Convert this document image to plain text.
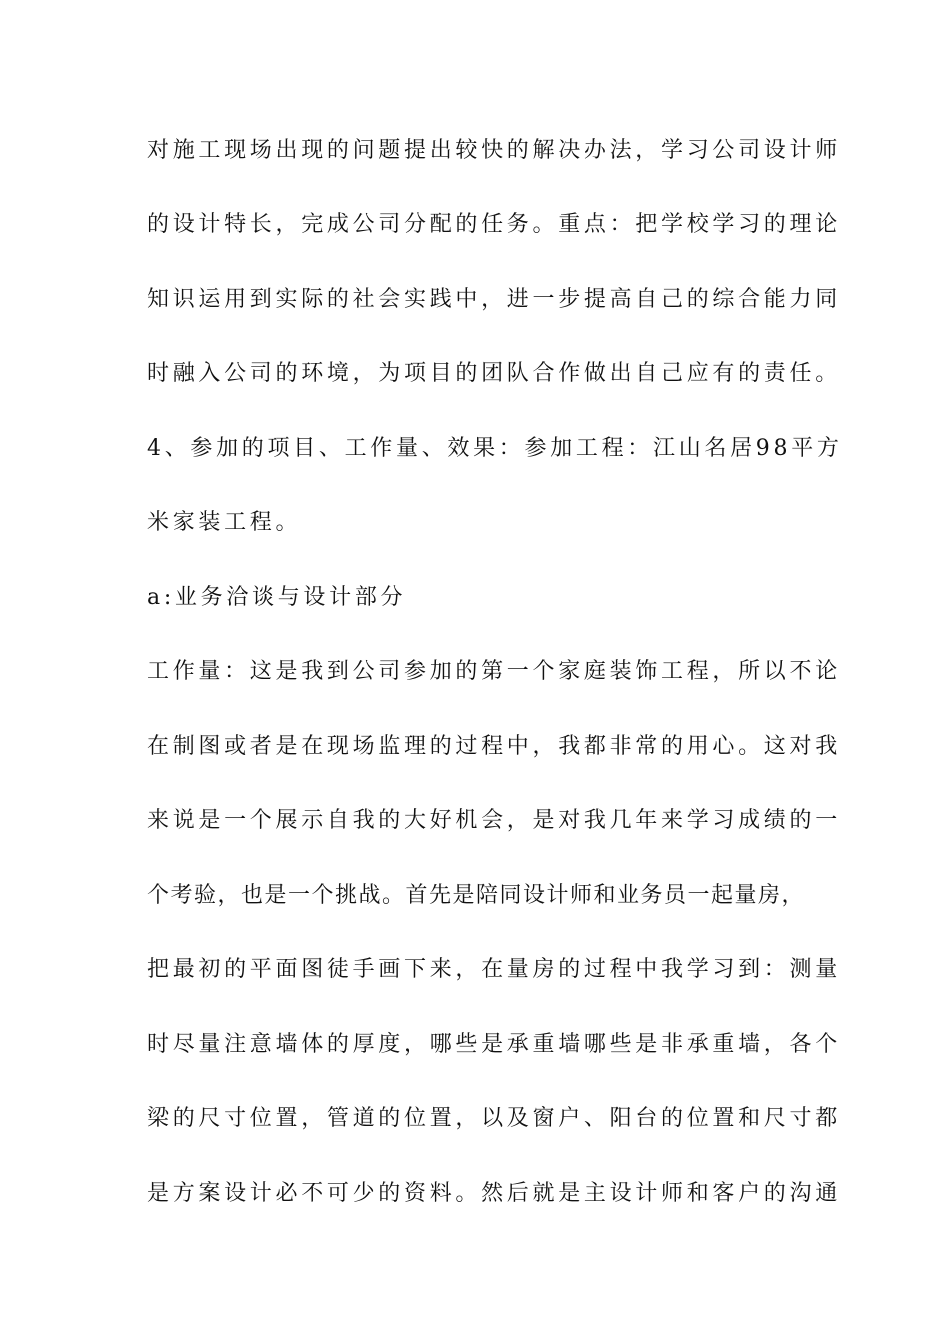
对施工现场出现的问题提出较快的解决办法，学习公司设计师

的设计特长，完成公司分配的任务。重点：把学校学习的理论

知识运用到实际的社会实践中，进一步提高自己的综合能力同

时融入公司的环境，为项目的团队合作做出自己应有的责任。

4、参加的项目、工作量、效果：参加工程：江山名居98平方

米家装工程。

a:业务洽谈与设计部分

工作量：这是我到公司参加的第一个家庭装饰工程，所以不论

在制图或者是在现场监理的过程中，我都非常的用心。这对我

来说是一个展示自我的大好机会，是对我几年来学习成绩的一

个考验，也是一个挑战。首先是陪同设计师和业务员一起量房，

把最初的平面图徒手画下来，在量房的过程中我学习到：测量

时尽量注意墙体的厚度，哪些是承重墙哪些是非承重墙，各个

梁的尺寸位置，管道的位置，以及窗户、阳台的位置和尺寸都

是方案设计必不可少的资料。然后就是主设计师和客户的沟通
